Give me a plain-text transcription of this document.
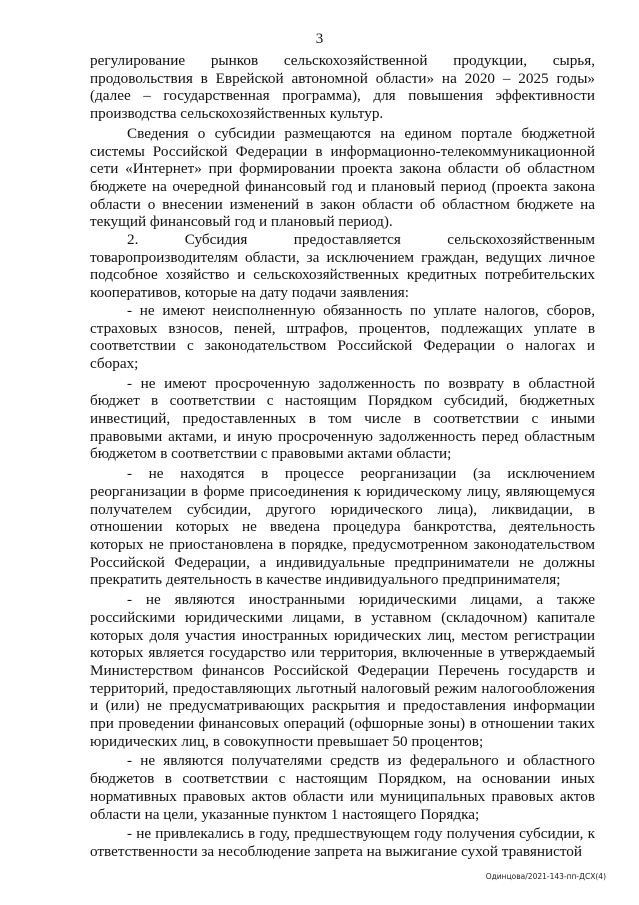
3

регулирование рынков сельскохозяйственной продукции, сырья, продовольствия в Еврейской автономной области» на 2020 – 2025 годы» (далее – государственная программа), для повышения эффективности производства сельскохозяйственных культур.

Сведения о субсидии размещаются на едином портале бюджетной системы Российской Федерации в информационно-телекоммуникационной сети «Интернет» при формировании проекта закона области об областном бюджете на очередной финансовый год и плановый период (проекта закона области о внесении изменений в закон области об областном бюджете на текущий финансовый год и плановый период).

2. Субсидия предоставляется сельскохозяйственным товаропроизводителям области, за исключением граждан, ведущих личное подсобное хозяйство и сельскохозяйственных кредитных потребительских кооперативов, которые на дату подачи заявления:

- не имеют неисполненную обязанность по уплате налогов, сборов, страховых взносов, пеней, штрафов, процентов, подлежащих уплате в соответствии с законодательством Российской Федерации о налогах и сборах;

- не имеют просроченную задолженность по возврату в областной бюджет в соответствии с настоящим Порядком субсидий, бюджетных инвестиций, предоставленных в том числе в соответствии с иными правовыми актами, и иную просроченную задолженность перед областным бюджетом в соответствии с правовыми актами области;

- не находятся в процессе реорганизации (за исключением реорганизации в форме присоединения к юридическому лицу, являющемуся получателем субсидии, другого юридического лица), ликвидации, в отношении которых не введена процедура банкротства, деятельность которых не приостановлена в порядке, предусмотренном законодательством Российской Федерации, а индивидуальные предприниматели не должны прекратить деятельность в качестве индивидуального предпринимателя;

- не являются иностранными юридическими лицами, а также российскими юридическими лицами, в уставном (складочном) капитале которых доля участия иностранных юридических лиц, местом регистрации которых является государство или территория, включенные в утверждаемый Министерством финансов Российской Федерации Перечень государств и территорий, предоставляющих льготный налоговый режим налогообложения и (или) не предусматривающих раскрытия и предоставления информации при проведении финансовых операций (офшорные зоны) в отношении таких юридических лиц, в совокупности превышает 50 процентов;

- не являются получателями средств из федерального и областного бюджетов в соответствии с настоящим Порядком, на основании иных нормативных правовых актов области или муниципальных правовых актов области на цели, указанные пунктом 1 настоящего Порядка;

- не привлекались в году, предшествующем году получения субсидии, к ответственности за несоблюдение запрета на выжигание сухой травянистой

Одинцова/2021-143-пп-ДСХ(4)
